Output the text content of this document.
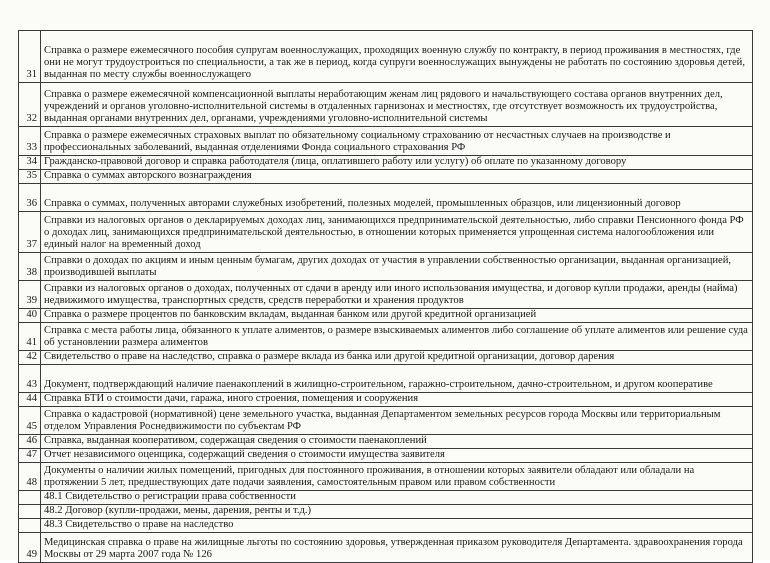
31	Справка о размере ежемесячного пособия супругам военнослужащих, проходящих военную службу по контракту, в период проживания в местностях, где они не могут трудоустроиться по специальности, а так же в период, когда супруги военнослужащих вынуждены не работать по состоянию здоровья детей, выданная по месту службы военнослужащего
32	Справка о размере ежемесячной компенсационной выплаты неработающим женам лиц рядового и начальствующего состава органов внутренних дел, учреждений и органов уголовно-исполнительной системы в отдаленных гарнизонах и местностях, где отсутствует возможность их трудоустройства, выданная органами внутренних дел, органами, учреждениями уголовно-исполнительной системы
33	Справка о размере ежемесячных страховых выплат по обязательному социальному страхованию от несчастных случаев на производстве и профессиональных заболеваний, выданная отделениями Фонда социального страхования РФ
34	Гражданско-правовой договор и справка работодателя (лица, оплатившего работу или услугу) об оплате по указанному договору
35	Справка о суммах авторского вознаграждения
36	Справка о суммах, полученных авторами служебных изобретений, полезных моделей, промышленных образцов, или лицензионный договор
37	Справки из налоговых органов о декларируемых доходах лиц, занимающихся предпринимательской деятельностью, либо справки Пенсионного фонда РФ о доходах лиц, занимающихся предпринимательской деятельностью, в отношении которых применяется упрощенная система налогообложения или единый налог на временный доход
38	Справки о доходах по акциям и иным ценным бумагам, других доходах от участия в управлении собственностью организации, выданная организацией, производившей выплаты
39	Справки из налоговых органов о доходах, полученных от сдачи в аренду или иного использования имущества, и договор купли продажи, аренды (найма) недвижимого имущества, транспортных средств, средств переработки и хранения продуктов
40	Справка о размере процентов по банковским вкладам, выданная банком или другой кредитной организацией
41	Справка с места работы лица, обязанного к уплате алиментов, о размере взыскиваемых алиментов либо соглашение об уплате алиментов или решение суда об установлении размера алиментов
42	Свидетельство о праве на наследство, справка о размере вклада из банка или другой кредитной организации, договор дарения
43	Документ, подтверждающий наличие паенакоплений в жилищно-строительном, гаражно-строительном, дачно-строительном, и другом кооперативе
44	Справка БТИ о стоимости дачи, гаража, иного строения, помещения и сооружения
45	Справка о кадастровой (нормативной) цене земельного участка, выданная Департаментом земельных ресурсов города Москвы или территориальным отделом Управления Роснедвижимости по субъектам РФ
46	Справка, выданная кооперативом, содержащая сведения о стоимости паенакоплений
47	Отчет независимого оценщика, содержащий сведения о стоимости имущества заявителя
48	Документы о наличии жилых помещений, пригодных для постоянного проживания, в отношении которых заявители обладают или обладали на протяжении 5 лет, предшествующих дате подачи заявления, самостоятельным правом или правом собственности
	48.1 Свидетельство о регистрации права собственности
	48.2 Договор (купли-продажи, мены, дарения, ренты и т.д.)
	48.3 Свидетельство о праве на наследство
49	Медицинская справка о праве на жилищные льготы по состоянию здоровья, утвержденная приказом руководителя Департамента. здравоохранения города Москвы от 29 марта 2007 года № 126
